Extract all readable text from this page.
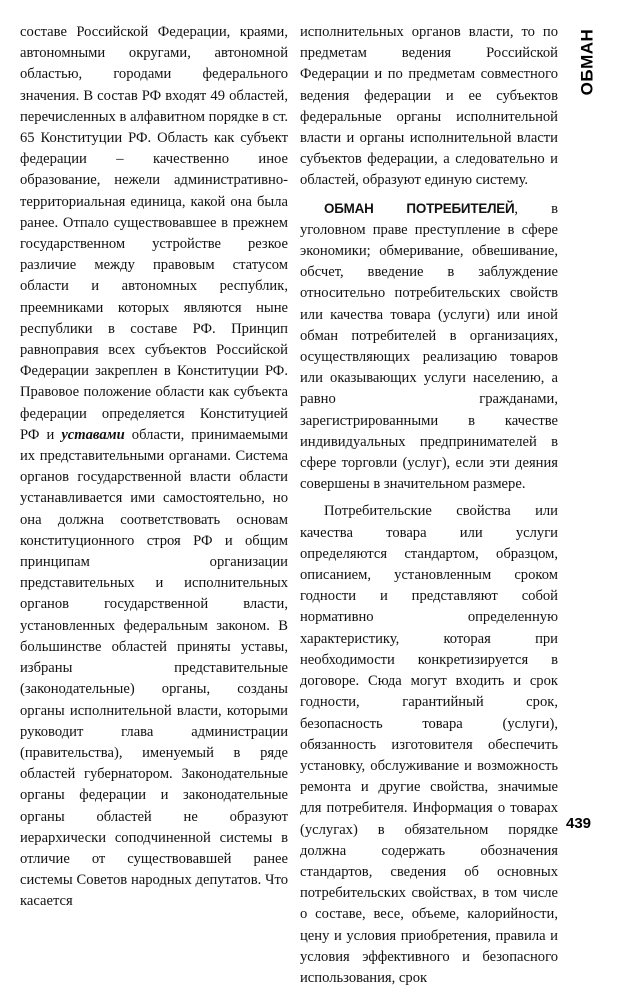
составе Российской Федерации, краями, автономными округами, автономной областью, городами федерального значения. В состав РФ входят 49 областей, перечисленных в алфавитном порядке в ст. 65 Конституции РФ. Область как субъект федерации – качественно иное образование, нежели административно-территориальная единица, какой она была ранее. Отпало существовавшее в прежнем государственном устройстве резкое различие между правовым статусом области и автономных республик, преемниками которых являются ныне республики в составе РФ. Принцип равноправия всех субъектов Российской Федерации закреплен в Конституции РФ. Правовое положение области как субъекта федерации определяется Конституцией РФ и уставами области, принимаемыми их представительными органами. Система органов государственной власти области устанавливается ими самостоятельно, но она должна соответствовать основам конституционного строя РФ и общим принципам организации представительных и исполнительных органов государственной власти, установленных федеральным законом. В большинстве областей приняты уставы, избраны представительные (законодательные) органы, созданы органы исполнительной власти, которыми руководит глава администрации (правительства), именуемый в ряде областей губернатором. Законодательные органы федерации и законодательные органы областей не образуют иерархически соподчиненной системы в отличие от существовавшей ранее системы Советов народных депутатов. Что касается

исполнительных органов власти, то по предметам ведения Российской Федерации и по предметам совместного ведения федерации и ее субъектов федеральные органы исполнительной власти и органы исполнительной власти субъектов федерации, а следовательно и областей, образуют единую систему.

ОБМАН ПОТРЕБИТЕЛЕЙ, в уголовном праве преступление в сфере экономики; обмеривание, обвешивание, обсчет, введение в заблуждение относительно потребительских свойств или качества товара (услуги) или иной обман потребителей в организациях, осуществляющих реализацию товаров или оказывающих услуги населению, а равно гражданами, зарегистрированными в качестве индивидуальных предпринимателей в сфере торговли (услуг), если эти деяния совершены в значительном размере.

Потребительские свойства или качества товара или услуги определяются стандартом, образцом, описанием, установленным сроком годности и представляют собой нормативно определенную характеристику, которая при необходимости конкретизируется в договоре. Сюда могут входить и срок годности, гарантийный срок, безопасность товара (услуги), обязанность изготовителя обеспечить установку, обслуживание и возможность ремонта и другие свойства, значимые для потребителя. Информация о товарах (услугах) в обязательном порядке должна содержать обозначения стандартов, сведения об основных потребительских свойствах, в том числе о составе, весе, объеме, калорийности, цену и условия приобретения, правила и условия эффективного и безопасного использования, срок

ОБМАН
439
